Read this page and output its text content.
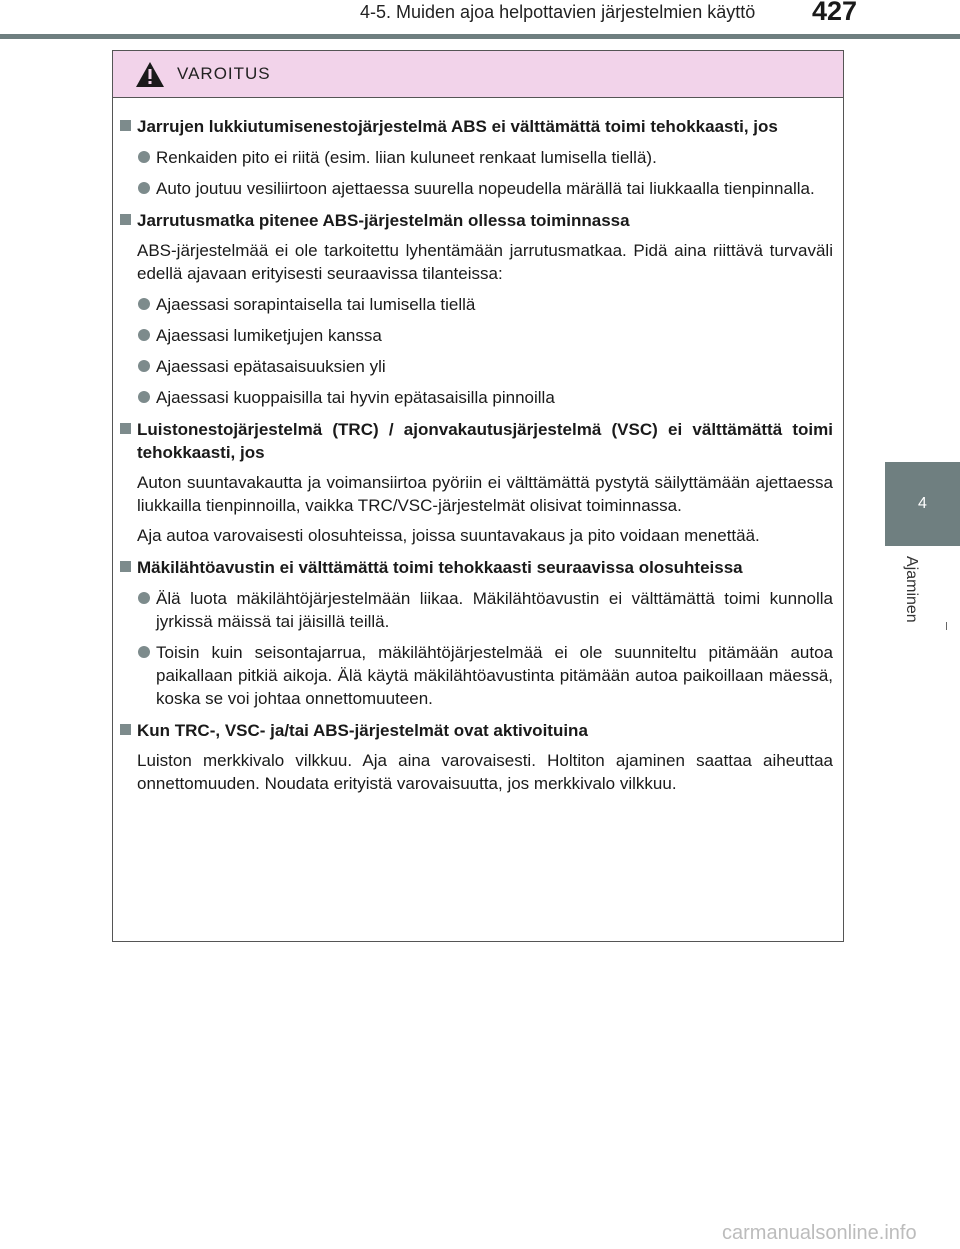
4-5. Muiden ajoa helpottavien järjestelmien käyttö	427
4
Ajaminen
VAROITUS
Jarrujen lukkiutumisenestojärjestelmä ABS ei välttämättä toimi tehokkaasti, jos
Renkaiden pito ei riitä (esim. liian kuluneet renkaat lumisella tiellä).
Auto joutuu vesiliirtoon ajettaessa suurella nopeudella märällä tai liukkaalla tienpinnalla.
Jarrutusmatka pitenee ABS-järjestelmän ollessa toiminnassa
ABS-järjestelmää ei ole tarkoitettu lyhentämään jarrutusmatkaa. Pidä aina riittävä turvaväli edellä ajavaan erityisesti seuraavissa tilanteissa:
Ajaessasi sorapintaisella tai lumisella tiellä
Ajaessasi lumiketjujen kanssa
Ajaessasi epätasaisuuksien yli
Ajaessasi kuoppaisilla tai hyvin epätasaisilla pinnoilla
Luistonestojärjestelmä (TRC) / ajonvakautusjärjestelmä (VSC) ei välttämättä toimi tehokkaasti, jos
Auton suuntavakautta ja voimansiirtoa pyöriin ei välttämättä pystytä säilyttämään ajettaessa liukkailla tienpinnoilla, vaikka TRC/VSC-järjestelmät olisivat toiminnassa.
Aja autoa varovaisesti olosuhteissa, joissa suuntavakaus ja pito voidaan menettää.
Mäkilähtöavustin ei välttämättä toimi tehokkaasti seuraavissa olosuhteissa
Älä luota mäkilähtöjärjestelmään liikaa. Mäkilähtöavustin ei välttämättä toimi kunnolla jyrkissä mäissä tai jäisillä teillä.
Toisin kuin seisontajarrua, mäkilähtöjärjestelmää ei ole suunniteltu pitämään autoa paikallaan pitkiä aikoja. Älä käytä mäkilähtöavustinta pitämään autoa paikoillaan mäessä, koska se voi johtaa onnettomuuteen.
Kun TRC-, VSC- ja/tai ABS-järjestelmät ovat aktivoituina
Luiston merkkivalo vilkkuu. Aja aina varovaisesti. Holtiton ajaminen saattaa aiheuttaa onnettomuuden. Noudata erityistä varovaisuutta, jos merkkivalo vilkkuu.
carmanualsonline.info
